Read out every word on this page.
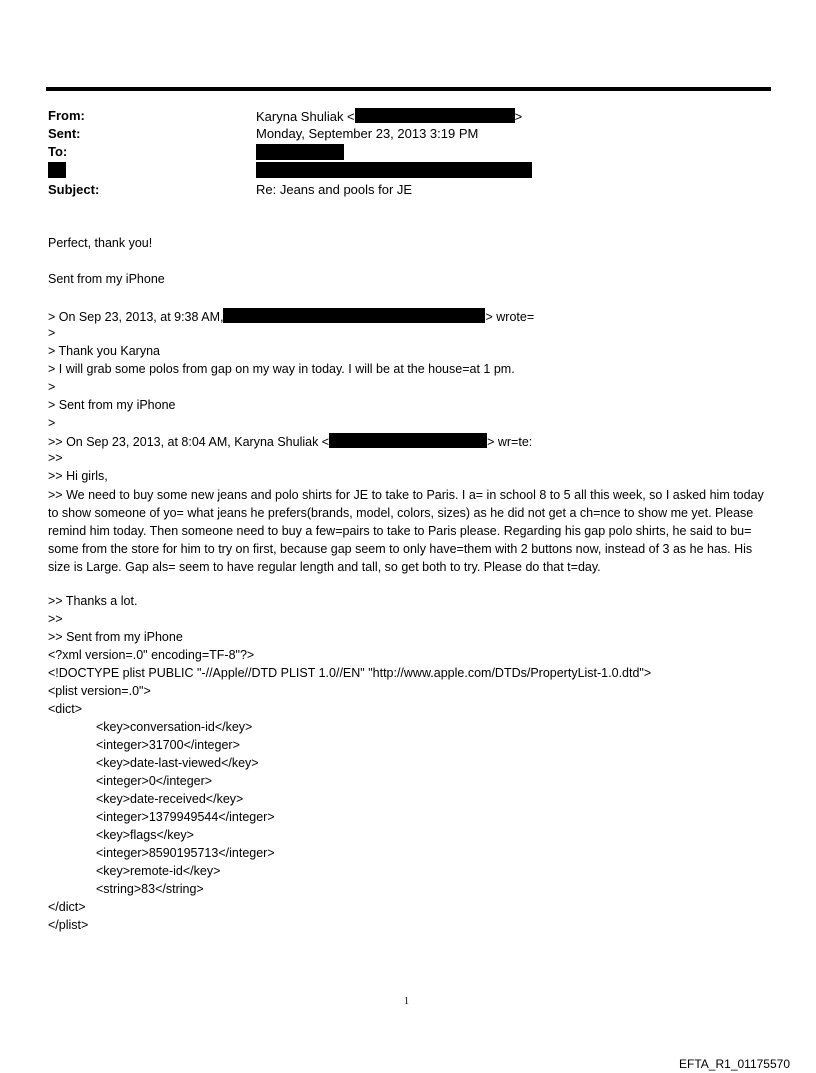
From:	Karyna Shuliak <	>
Sent:	Monday, September 23, 2013 3:19 PM
To:
Subject:	Re: Jeans and pools for JE
Perfect, thank you!
Sent from my iPhone
> On Sep 23, 2013, at 9:38 AM,	> wrote=
>
> Thank you Karyna
> I will grab some polos from gap on my way in today. I will be at the house=at 1 pm.
>
> Sent from my iPhone
>
>> On Sep 23, 2013, at 8:04 AM, Karyna Shuliak <	> wr=te:
>>
>> Hi girls,
>> We need to buy some new jeans and polo shirts for JE to take to Paris. I a= in school 8 to 5 all this week, so I asked him today to show someone of yo= what jeans he prefers(brands, model, colors, sizes) as he did not get a ch=nce to show me yet. Please remind him today. Then someone need to buy a few=pairs to take to Paris please. Regarding his gap polo shirts, he said to bu= some from the store for him to try on first, because gap seem to only have=them with 2 buttons now, instead of 3 as he has. His size is Large. Gap als= seem to have regular length and tall, so get both to try. Please do that t=day.
>> Thanks a lot.
>>
>> Sent from my iPhone
<?xml version=.0" encoding=TF-8"?>
<!DOCTYPE plist PUBLIC "-//Apple//DTD PLIST 1.0//EN" "http://www.apple.com/DTDs/PropertyList-1.0.dtd">
<plist version=.0">
<dict>
<key>conversation-id</key>
<integer>31700</integer>
<key>date-last-viewed</key>
<integer>0</integer>
<key>date-received</key>
<integer>1379949544</integer>
<key>flags</key>
<integer>8590195713</integer>
<key>remote-id</key>
<string>83</string>
</dict>
</plist>
1
EFTA_R1_01175570
